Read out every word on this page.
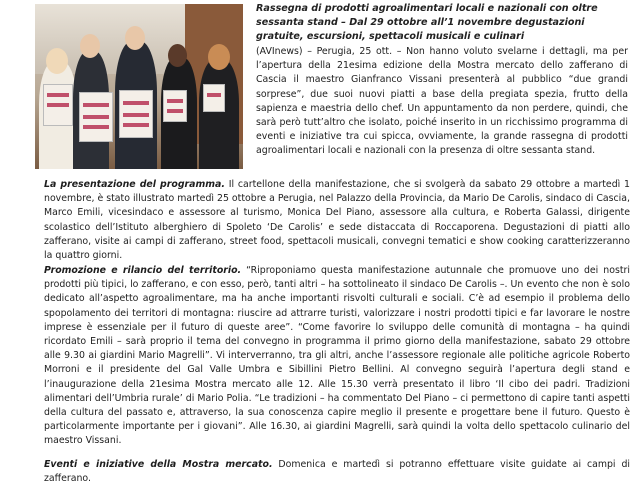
Rassegna di prodotti agroalimentari locali e nazionali con oltre sessanta stand – Dal 29 ottobre all’1 novembre degustazioni gratuite, escursioni, spettacoli musicali e culinari
(AVInews) – Perugia, 25 ott. – Non hanno voluto svelarne i dettagli, ma per l’apertura della 21esima edizione della Mostra mercato dello zafferano di Cascia il maestro Gianfranco Vissani presenterà al pubblico “due grandi sorprese”, due suoi nuovi piatti a base della pregiata spezia, frutto della sapienza e maestria dello chef. Un appuntamento da non perdere, quindi, che sarà però tutt’altro che isolato, poiché inserito in un ricchissimo programma di eventi e iniziative tra cui spicca, ovviamente, la grande rassegna di prodotti agroalimentari locali e nazionali con la presenza di oltre sessanta stand.
La presentazione del programma. Il cartellone della manifestazione, che si svolgerà da sabato 29 ottobre a martedì 1 novembre, è stato illustrato martedì 25 ottobre a Perugia, nel Palazzo della Provincia, da Mario De Carolis, sindaco di Cascia, Marco Emili, vicesindaco e assessore al turismo, Monica Del Piano, assessore alla cultura, e Roberta Galassi, dirigente scolastico dell’Istituto alberghiero di Spoleto ‘De Carolis’ e sede distaccata di Roccaporena. Degustazioni di piatti allo zafferano, visite ai campi di zafferano, street food, spettacoli musicali, convegni tematici e show cooking caratterizzeranno la quattro giorni.
Promozione e rilancio del territorio. “Riproponiamo questa manifestazione autunnale che promuove uno dei nostri prodotti più tipici, lo zafferano, e con esso, però, tanti altri – ha sottolineato il sindaco De Carolis –. Un evento che non è solo dedicato all’aspetto agroalimentare, ma ha anche importanti risvolti culturali e sociali. C’è ad esempio il problema dello spopolamento dei territori di montagna: riuscire ad attrarre turisti, valorizzare i nostri prodotti tipici e far lavorare le nostre imprese è essenziale per il futuro di queste aree”. “Come favorire lo sviluppo delle comunità di montagna – ha quindi ricordato Emili – sarà proprio il tema del convegno in programma il primo giorno della manifestazione, sabato 29 ottobre alle 9.30 ai giardini Mario Magrelli”. Vi interverranno, tra gli altri, anche l’assessore regionale alle politiche agricole Roberto Morroni e il presidente del Gal Valle Umbra e Sibillini Pietro Bellini. Al convegno seguirà l’apertura degli stand e l’inaugurazione della 21esima Mostra mercato alle 12. Alle 15.30 verrà presentato il libro ‘Il cibo dei padri. Tradizioni alimentari dell’Umbria rurale’ di Mario Polia. “Le tradizioni – ha commentato Del Piano – ci permettono di capire tanti aspetti della cultura del passato e, attraverso, la sua conoscenza capire meglio il presente e progettare bene il futuro. Questo è particolarmente importante per i giovani”. Alle 16.30, ai giardini Magrelli, sarà quindi la volta dello spettacolo culinario del maestro Vissani.
Eventi e iniziative della Mostra mercato. Domenica e martedì si potranno effettuare visite guidate ai campi di zafferano.
